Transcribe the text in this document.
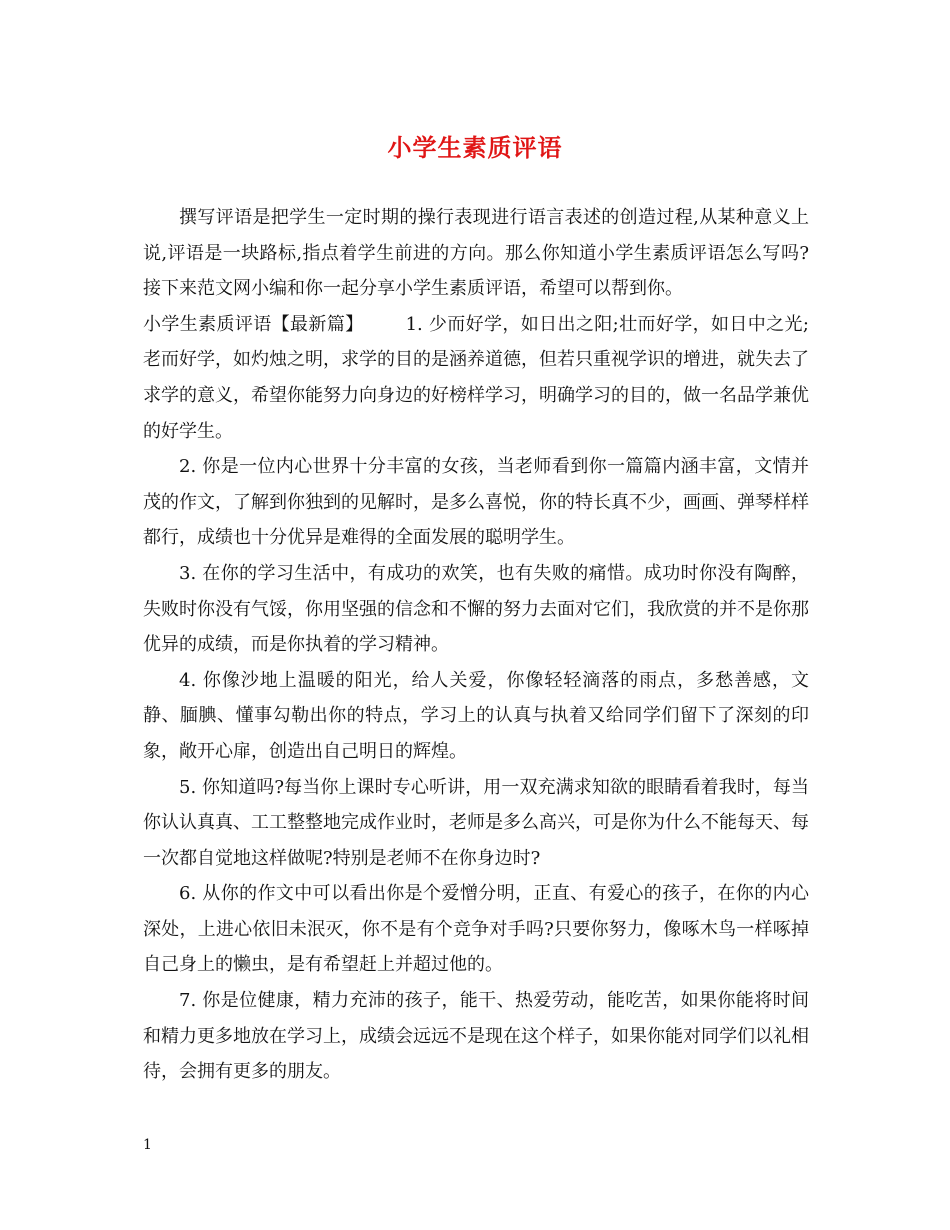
小学生素质评语

撰写评语是把学生一定时期的操行表现进行语言表述的创造过程,从某种意义上说,评语是一块路标,指点着学生前进的方向。那么你知道小学生素质评语怎么写吗?接下来范文网小编和你一起分享小学生素质评语，希望可以帮到你。

小学生素质评语【最新篇】 1. 少而好学，如日出之阳;壮而好学，如日中之光;老而好学，如灼烛之明，求学的目的是涵养道德，但若只重视学识的增进，就失去了求学的意义，希望你能努力向身边的好榜样学习，明确学习的目的，做一名品学兼优的好学生。

2. 你是一位内心世界十分丰富的女孩，当老师看到你一篇篇内涵丰富，文情并茂的作文，了解到你独到的见解时，是多么喜悦，你的特长真不少，画画、弹琴样样都行，成绩也十分优异是难得的全面发展的聪明学生。

3. 在你的学习生活中，有成功的欢笑，也有失败的痛惜。成功时你没有陶醉，失败时你没有气馁，你用坚强的信念和不懈的努力去面对它们，我欣赏的并不是你那优异的成绩，而是你执着的学习精神。

4. 你像沙地上温暖的阳光，给人关爱，你像轻轻滴落的雨点，多愁善感，文静、腼腆、懂事勾勒出你的特点，学习上的认真与执着又给同学们留下了深刻的印象，敞开心扉，创造出自己明日的辉煌。

5. 你知道吗?每当你上课时专心听讲，用一双充满求知欲的眼睛看着我时，每当你认认真真、工工整整地完成作业时，老师是多么高兴，可是你为什么不能每天、每一次都自觉地这样做呢?特别是老师不在你身边时?

6. 从你的作文中可以看出你是个爱憎分明，正直、有爱心的孩子，在你的内心深处，上进心依旧未泯灭，你不是有个竞争对手吗?只要你努力，像啄木鸟一样啄掉自己身上的懒虫，是有希望赶上并超过他的。

7. 你是位健康，精力充沛的孩子，能干、热爱劳动，能吃苦，如果你能将时间和精力更多地放在学习上，成绩会远远不是现在这个样子，如果你能对同学们以礼相待，会拥有更多的朋友。

1
